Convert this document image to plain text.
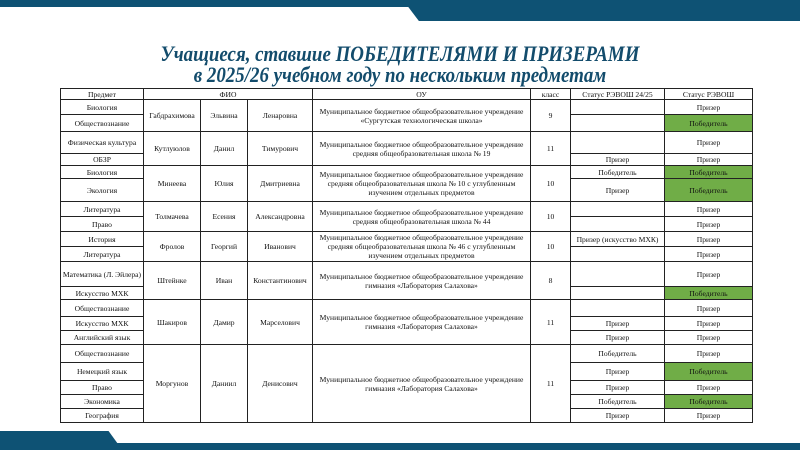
Учащиеся, ставшие ПОБЕДИТЕЛЯМИ И ПРИЗЕРАМИ
в 2025/26 учебном году по нескольким предметам
Предмет	ФИО			ОУ	класс	Статус РЭВОШ 24/25	Статус РЭВОШ
Биология	Габдрахимова	Эльвина	Ленаровна	Муниципальное бюджетное общеобразовательное учреждение «Сургутская технологическая школа»	9		Призер
Обществознание							Победитель
Физическая культура	Кутлуюлов	Данил	Тимурович	Муниципальное бюджетное общеобразовательное учреждение средняя общеобразовательная школа № 19	11		Призер
ОБЗР						Призер	Призер
Биология	Минеева	Юлия	Дмитриевна	Муниципальное бюджетное общеобразовательное учреждение средняя общеобразовательная школа № 10 с углубленным изучением отдельных предметов	10	Победитель	Победитель
Экология						Призер	Победитель
Литература	Толмачева	Есения	Александровна	Муниципальное бюджетное общеобразовательное учреждение средняя общеобразовательная школа № 44	10		Призер
Право							Призер
История	Фролов	Георгий	Иванович	Муниципальное бюджетное общеобразовательное учреждение средняя общеобразовательная школа № 46 с углубленным изучением отдельных предметов	10	Призер (искусство МХК)	Призер
Литература							Призер
Математика (Л. Эйлера)	Штейнке	Иван	Константинович	Муниципальное бюджетное общеобразовательное учреждение гимназия «Лаборатория Салахова»	8		Призер
Искусство МХК							Победитель
Обществознание	Шакиров	Дамир	Марселович	Муниципальное бюджетное общеобразовательное учреждение гимназия «Лаборатория Салахова»	11		Призер
Искусство МХК						Призер	Призер
Английский язык						Призер	Призер
Обществознание	Моргунов	Даниил	Денисович	Муниципальное бюджетное общеобразовательное учреждение гимназия «Лаборатория Салахова»	11	Победитель	Призер
Немецкий язык						Призер	Победитель
Право						Призер	Призер
Экономика						Победитель	Победитель
География						Призер	Призер
